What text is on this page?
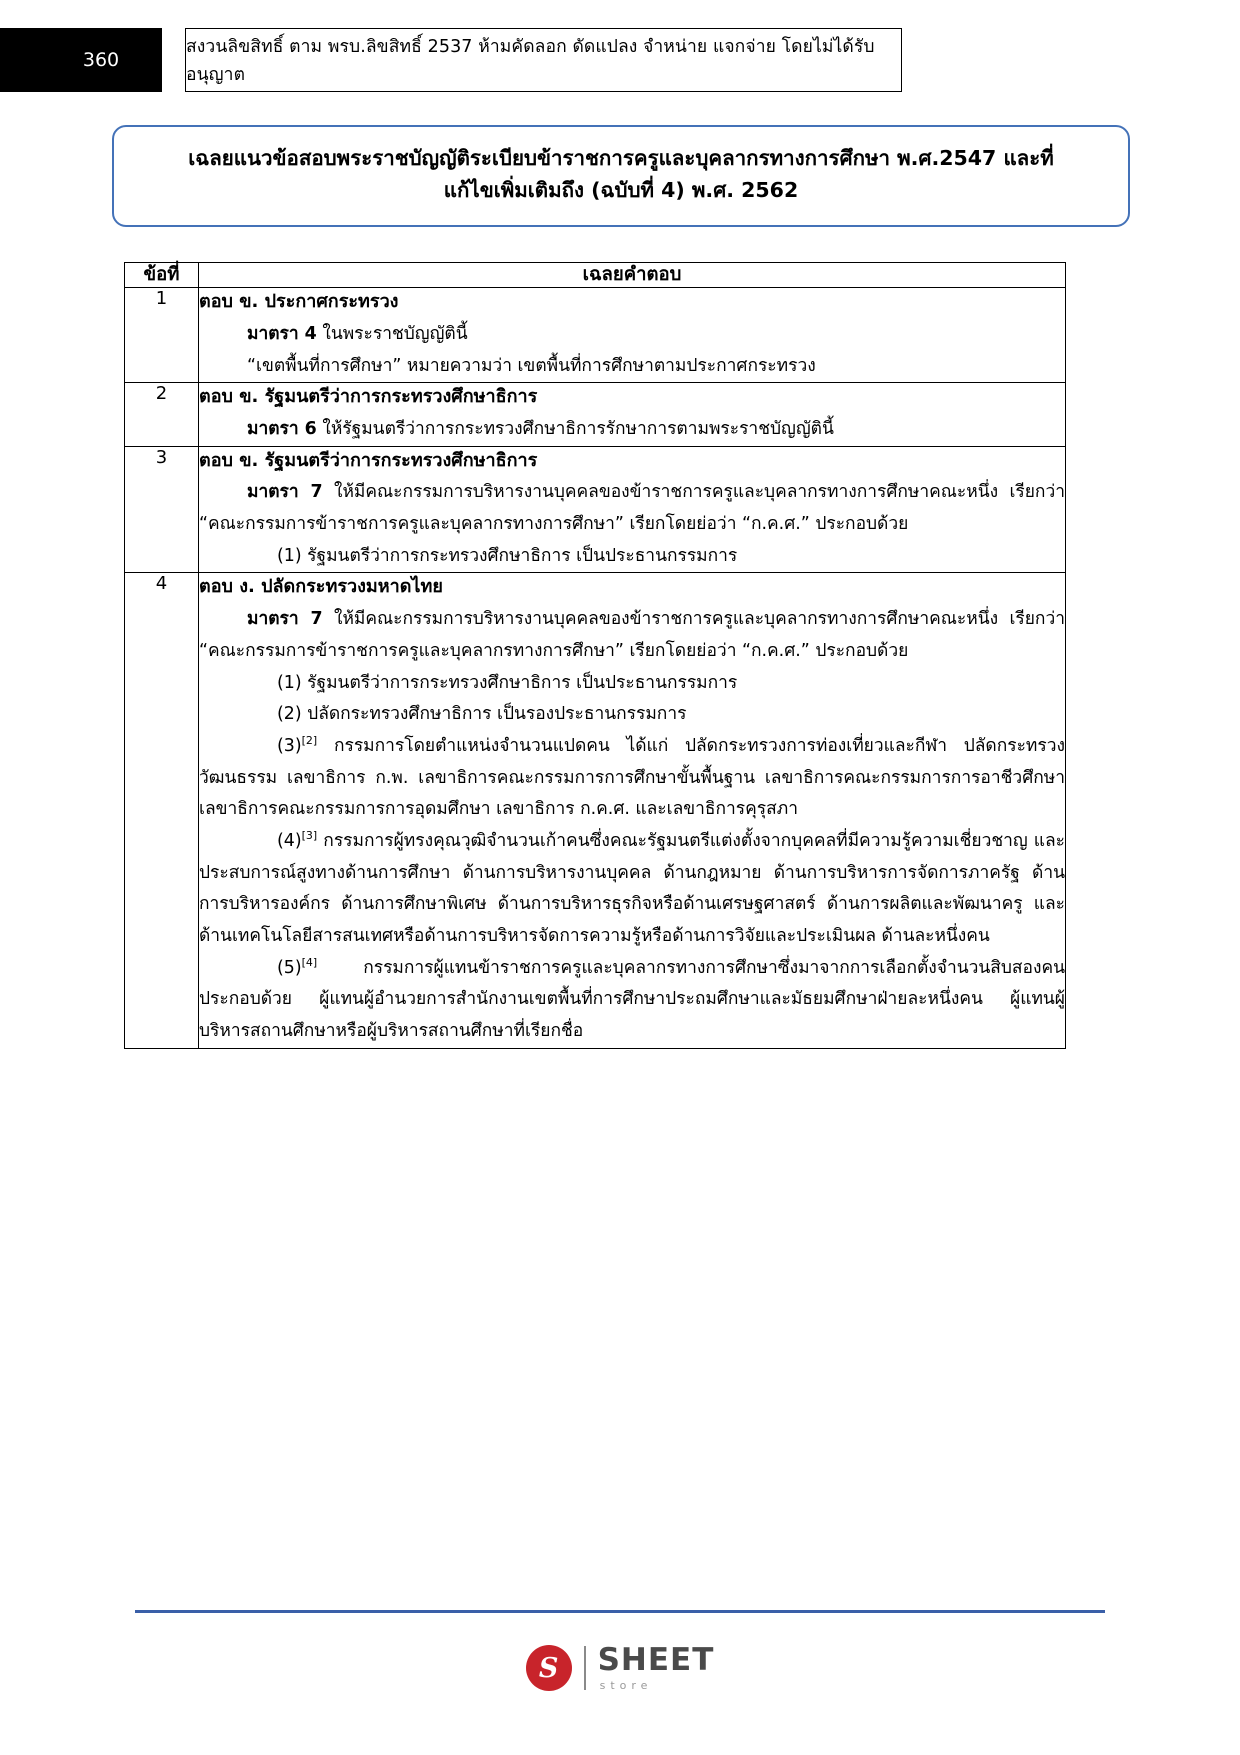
360
สงวนลิขสิทธิ์ ตาม พรบ.ลิขสิทธิ์ 2537 ห้ามคัดลอก ดัดแปลง จำหน่าย แจกจ่าย โดยไม่ได้รับอนุญาต
เฉลยแนวข้อสอบพระราชบัญญัติระเบียบข้าราชการครูและบุคลากรทางการศึกษา พ.ศ.2547 และที่
แก้ไขเพิ่มเติมถึง (ฉบับที่ 4) พ.ศ. 2562
ข้อที่	เฉลยคำตอบ
1	ตอบ ข. ประกาศกระทรวง
มาตรา 4 ในพระราชบัญญัตินี้
“เขตพื้นที่การศึกษา” หมายความว่า เขตพื้นที่การศึกษาตามประกาศกระทรวง

2	ตอบ ข. รัฐมนตรีว่าการกระทรวงศึกษาธิการ
มาตรา 6 ให้รัฐมนตรีว่าการกระทรวงศึกษาธิการรักษาการตามพระราชบัญญัตินี้

3	ตอบ ข. รัฐมนตรีว่าการกระทรวงศึกษาธิการ
มาตรา 7 ให้มีคณะกรรมการบริหารงานบุคคลของข้าราชการครูและบุคลากรทางการศึกษาคณะหนึ่ง เรียกว่า “คณะกรรมการข้าราชการครูและบุคลากรทางการศึกษา” เรียกโดยย่อว่า “ก.ค.ศ.” ประกอบด้วย
(1) รัฐมนตรีว่าการกระทรวงศึกษาธิการ เป็นประธานกรรมการ

4	ตอบ ง. ปลัดกระทรวงมหาดไทย
มาตรา 7 ให้มีคณะกรรมการบริหารงานบุคคลของข้าราชการครูและบุคลากรทางการศึกษาคณะหนึ่ง เรียกว่า “คณะกรรมการข้าราชการครูและบุคลากรทางการศึกษา” เรียกโดยย่อว่า “ก.ค.ศ.” ประกอบด้วย
(1) รัฐมนตรีว่าการกระทรวงศึกษาธิการ เป็นประธานกรรมการ
(2) ปลัดกระทรวงศึกษาธิการ เป็นรองประธานกรรมการ
(3)[2] กรรมการโดยตำแหน่งจำนวนแปดคน ได้แก่ ปลัดกระทรวงการท่องเที่ยวและกีฬา ปลัดกระทรวงวัฒนธรรม เลขาธิการ ก.พ. เลขาธิการคณะกรรมการการศึกษาขั้นพื้นฐาน เลขาธิการคณะกรรมการการอาชีวศึกษา เลขาธิการคณะกรรมการการอุดมศึกษา เลขาธิการ ก.ค.ศ. และเลขาธิการคุรุสภา
(4)[3] กรรมการผู้ทรงคุณวุฒิจำนวนเก้าคนซึ่งคณะรัฐมนตรีแต่งตั้งจากบุคคลที่มีความรู้ความเชี่ยวชาญ และประสบการณ์สูงทางด้านการศึกษา ด้านการบริหารงานบุคคล ด้านกฎหมาย ด้านการบริหารการจัดการภาครัฐ ด้านการบริหารองค์กร ด้านการศึกษาพิเศษ ด้านการบริหารธุรกิจหรือด้านเศรษฐศาสตร์ ด้านการผลิตและพัฒนาครู และด้านเทคโนโลยีสารสนเทศหรือด้านการบริหารจัดการความรู้หรือด้านการวิจัยและประเมินผล ด้านละหนึ่งคน
(5)[4] กรรมการผู้แทนข้าราชการครูและบุคลากรทางการศึกษาซึ่งมาจากการเลือกตั้งจำนวนสิบสองคน ประกอบด้วย ผู้แทนผู้อำนวยการสำนักงานเขตพื้นที่การศึกษาประถมศึกษาและมัธยมศึกษาฝ่ายละหนึ่งคน ผู้แทนผู้บริหารสถานศึกษาหรือผู้บริหารสถานศึกษาที่เรียกชื่อ
S	SHEET
store
